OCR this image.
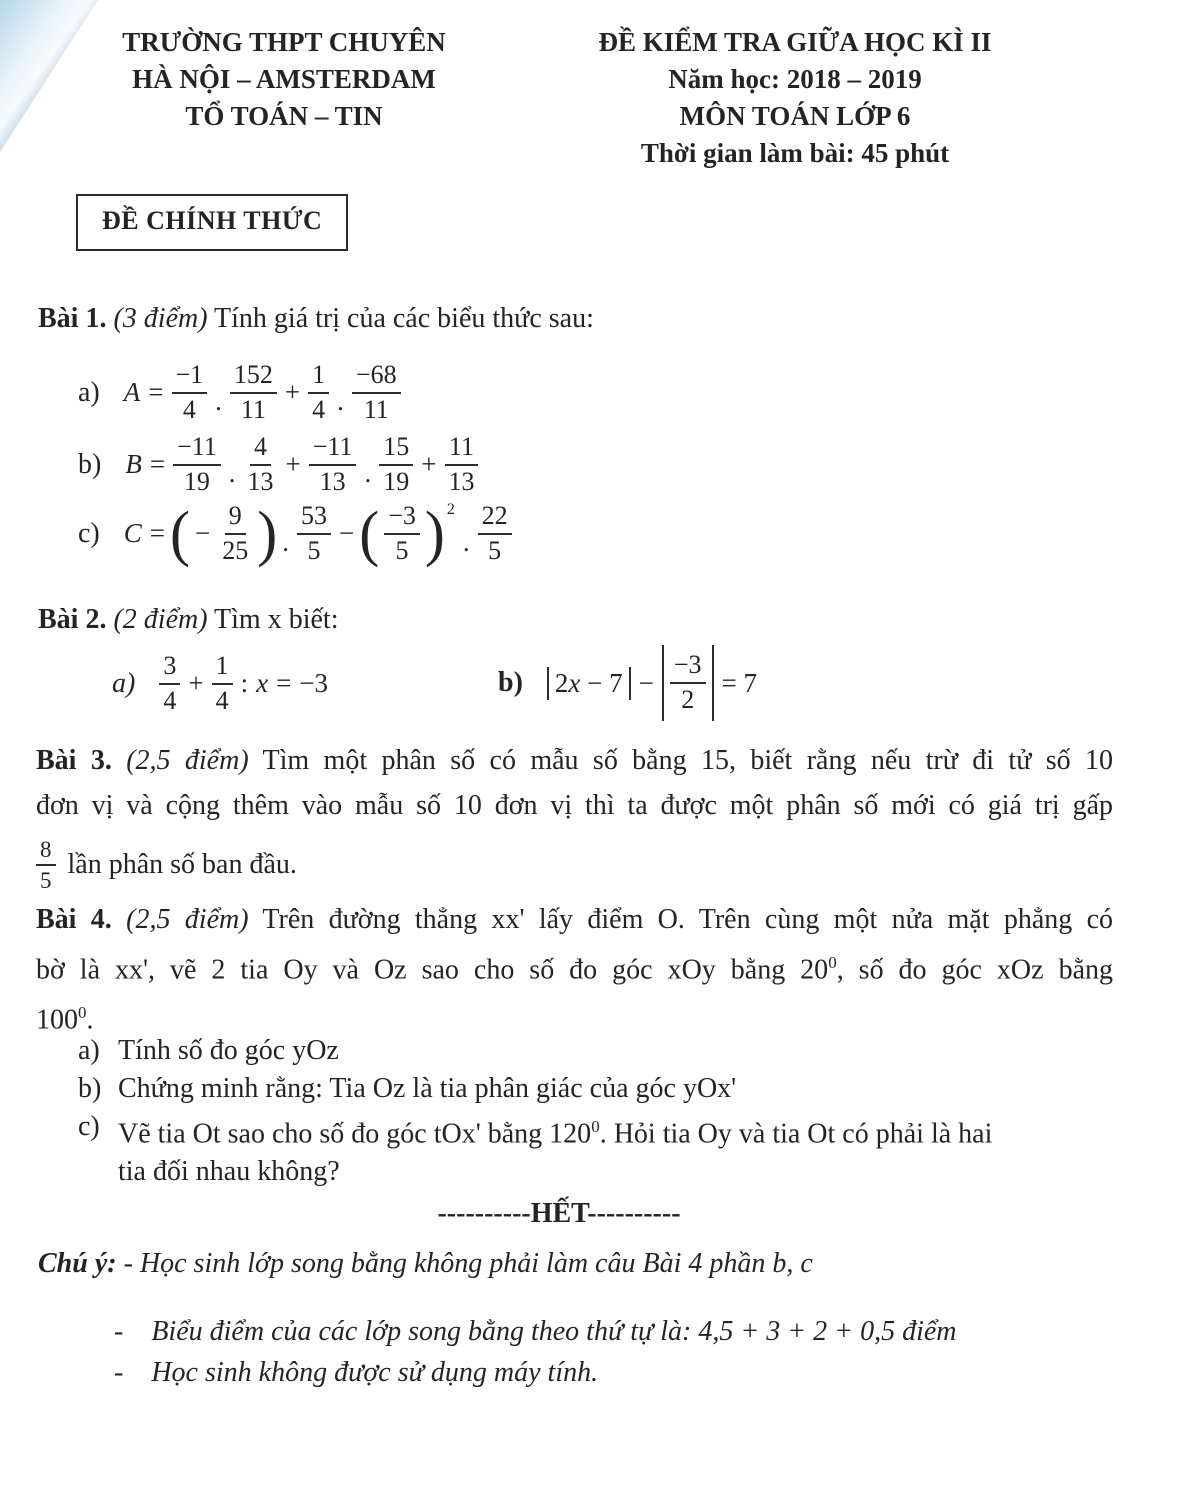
TRƯỜNG THPT CHUYÊN
HÀ NỘI – AMSTERDAM
TỔ TOÁN – TIN
ĐỀ KIỂM TRA GIỮA HỌC KÌ II
Năm học: 2018 – 2019
MÔN TOÁN LỚP 6
Thời gian làm bài: 45 phút
ĐỀ CHÍNH THỨC
Bài 1. (3 điểm) Tính giá trị của các biểu thức sau:
a) $A = \frac{-1}{4}$ . $\frac{152}{11} + \frac{1}{4}$ . $\frac{-68}{11}$
b) $B = \frac{-11}{19}$ . $\frac{4}{13} + \frac{-11}{13}$ . $\frac{15}{19} + \frac{11}{13}$
c) C = ( − $\frac{9}{25}$ ) . $\frac{53}{5}$ − ( $\frac{-3}{5}$ ) 2
. $\frac{22}{5}$
Bài 2. (2 điểm) Tìm x biết:
$a) \frac{3}{4} + \frac{1}{4}$ : x = −3	b) $2x - 7 - \frac{-3}{2} = 7$
Bài 3. (2,5 điểm) Tìm một phân số có mẫu số bằng 15, biết rằng nếu trừ đi tử số 10
đơn vị và cộng thêm vào mẫu số 10 đơn vị thì ta được một phân số mới có giá trị gấp
$\frac{8}{5}$ lần phân số ban đầu.
Bài 4. (2,5 điểm) Trên đường thẳng xx' lấy điểm O. Trên cùng một nửa mặt phẳng có
bờ là xx', vẽ 2 tia Oy và Oz sao cho số đo góc xOy bằng $20^0$, số đo góc xOz bằng
$100^0$.
a) Tính số đo góc yOz
b) Chứng minh rằng: Tia Oz là tia phân giác của góc yOx'
c) Vẽ tia Ot sao cho số đo góc tOx' bằng $120^0$. Hỏi tia Oy và tia Ot có phải là hai
tia đối nhau không?
----------HẾT----------
Chú ý: - Học sinh lớp song bằng không phải làm câu Bài 4 phần b, c
- Biểu điểm của các lớp song bằng theo thứ tự là: 4,5 + 3 + 2 + 0,5 điểm
- Học sinh không được sử dụng máy tính.
